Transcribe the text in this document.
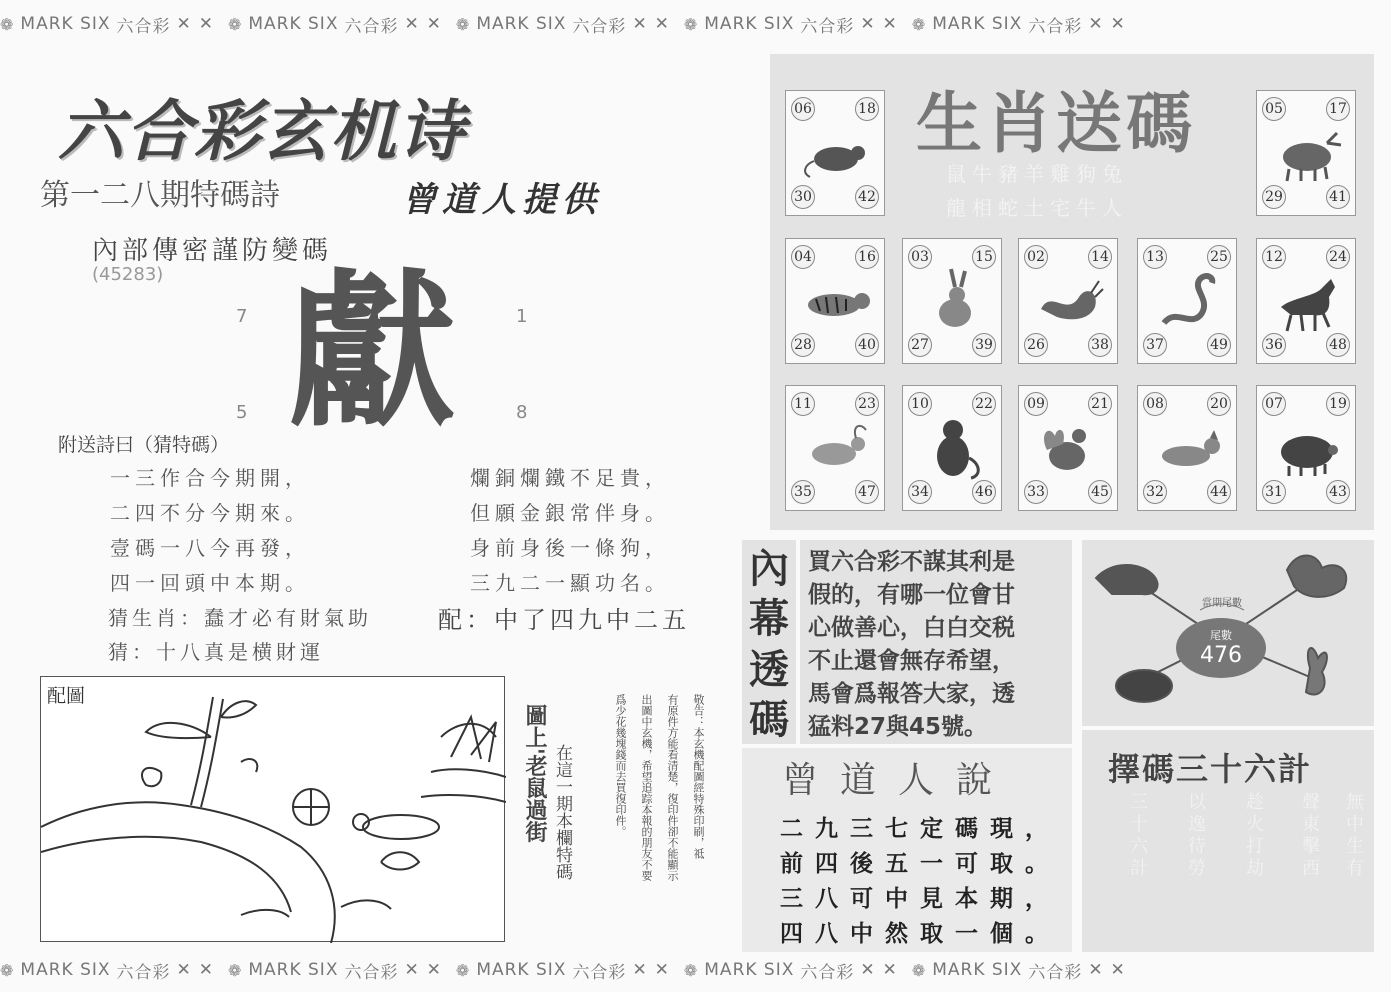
❁ MARK SIX 六合彩 ✕ ✕ ❁ MARK SIX 六合彩 ✕ ✕ ❁ MARK SIX 六合彩 ✕ ✕ ❁ MARK SIX 六合彩 ✕ ✕ ❁ MARK SIX 六合彩 ✕ ✕
六合彩玄机诗
第一二八期特碼詩	曾道人提供
內部傳密謹防變碼
(45283) 獻
7	1
5	8
附送詩曰（猜特碼）
一三作合今期開，
二四不分今期來。
壹碼一八今再發，
四一回頭中本期。
爛銅爛鐵不足貴，
但願金銀常伴身。
身前身後一條狗，
三九二一顯功名。
猜生肖：蠢才必有財氣助
猜：十八真是横財運
配：中了四九中二五
配圖
圖上'老鼠過街 在這一期本欄特碼	敬告：本玄機配圖經特殊印刷，祗
有原件方能看清楚，復印件卻不能顯示
出圖中玄機，希望追踪本報的朋友不要
爲少花幾塊錢而去買復印件。
生肖送碼
鼠牛豬羊雞狗兔
龍相蛇土宅牛人
06	18
30	42
05	17
29	41
04	16
28	40
03	15
27	39
02	14
26	38
13	25
37	49
12	24
36	48
11	23
35	47
10	22
34	46
09	21
33	45
08	20
32	44
07	19
31	43
內幕透碼

買六合彩不謀其利是

假的，有哪一位會甘

心做善心，白白交税

不止還會無存希望，

馬會爲報答大家，透

猛料27與45號。

當期尾數
尾數
476
擇碼三十六計
三十六計 以逸待勞 趁火打劫 聲東擊西 無中生有
曾道人說
二九三七定碼現，
前四後五一可取。
三八可中見本期，
四八中然取一個。
❁ MARK SIX 六合彩 ✕ ✕ ❁ MARK SIX 六合彩 ✕ ✕ ❁ MARK SIX 六合彩 ✕ ✕ ❁ MARK SIX 六合彩 ✕ ✕ ❁ MARK SIX 六合彩 ✕ ✕
